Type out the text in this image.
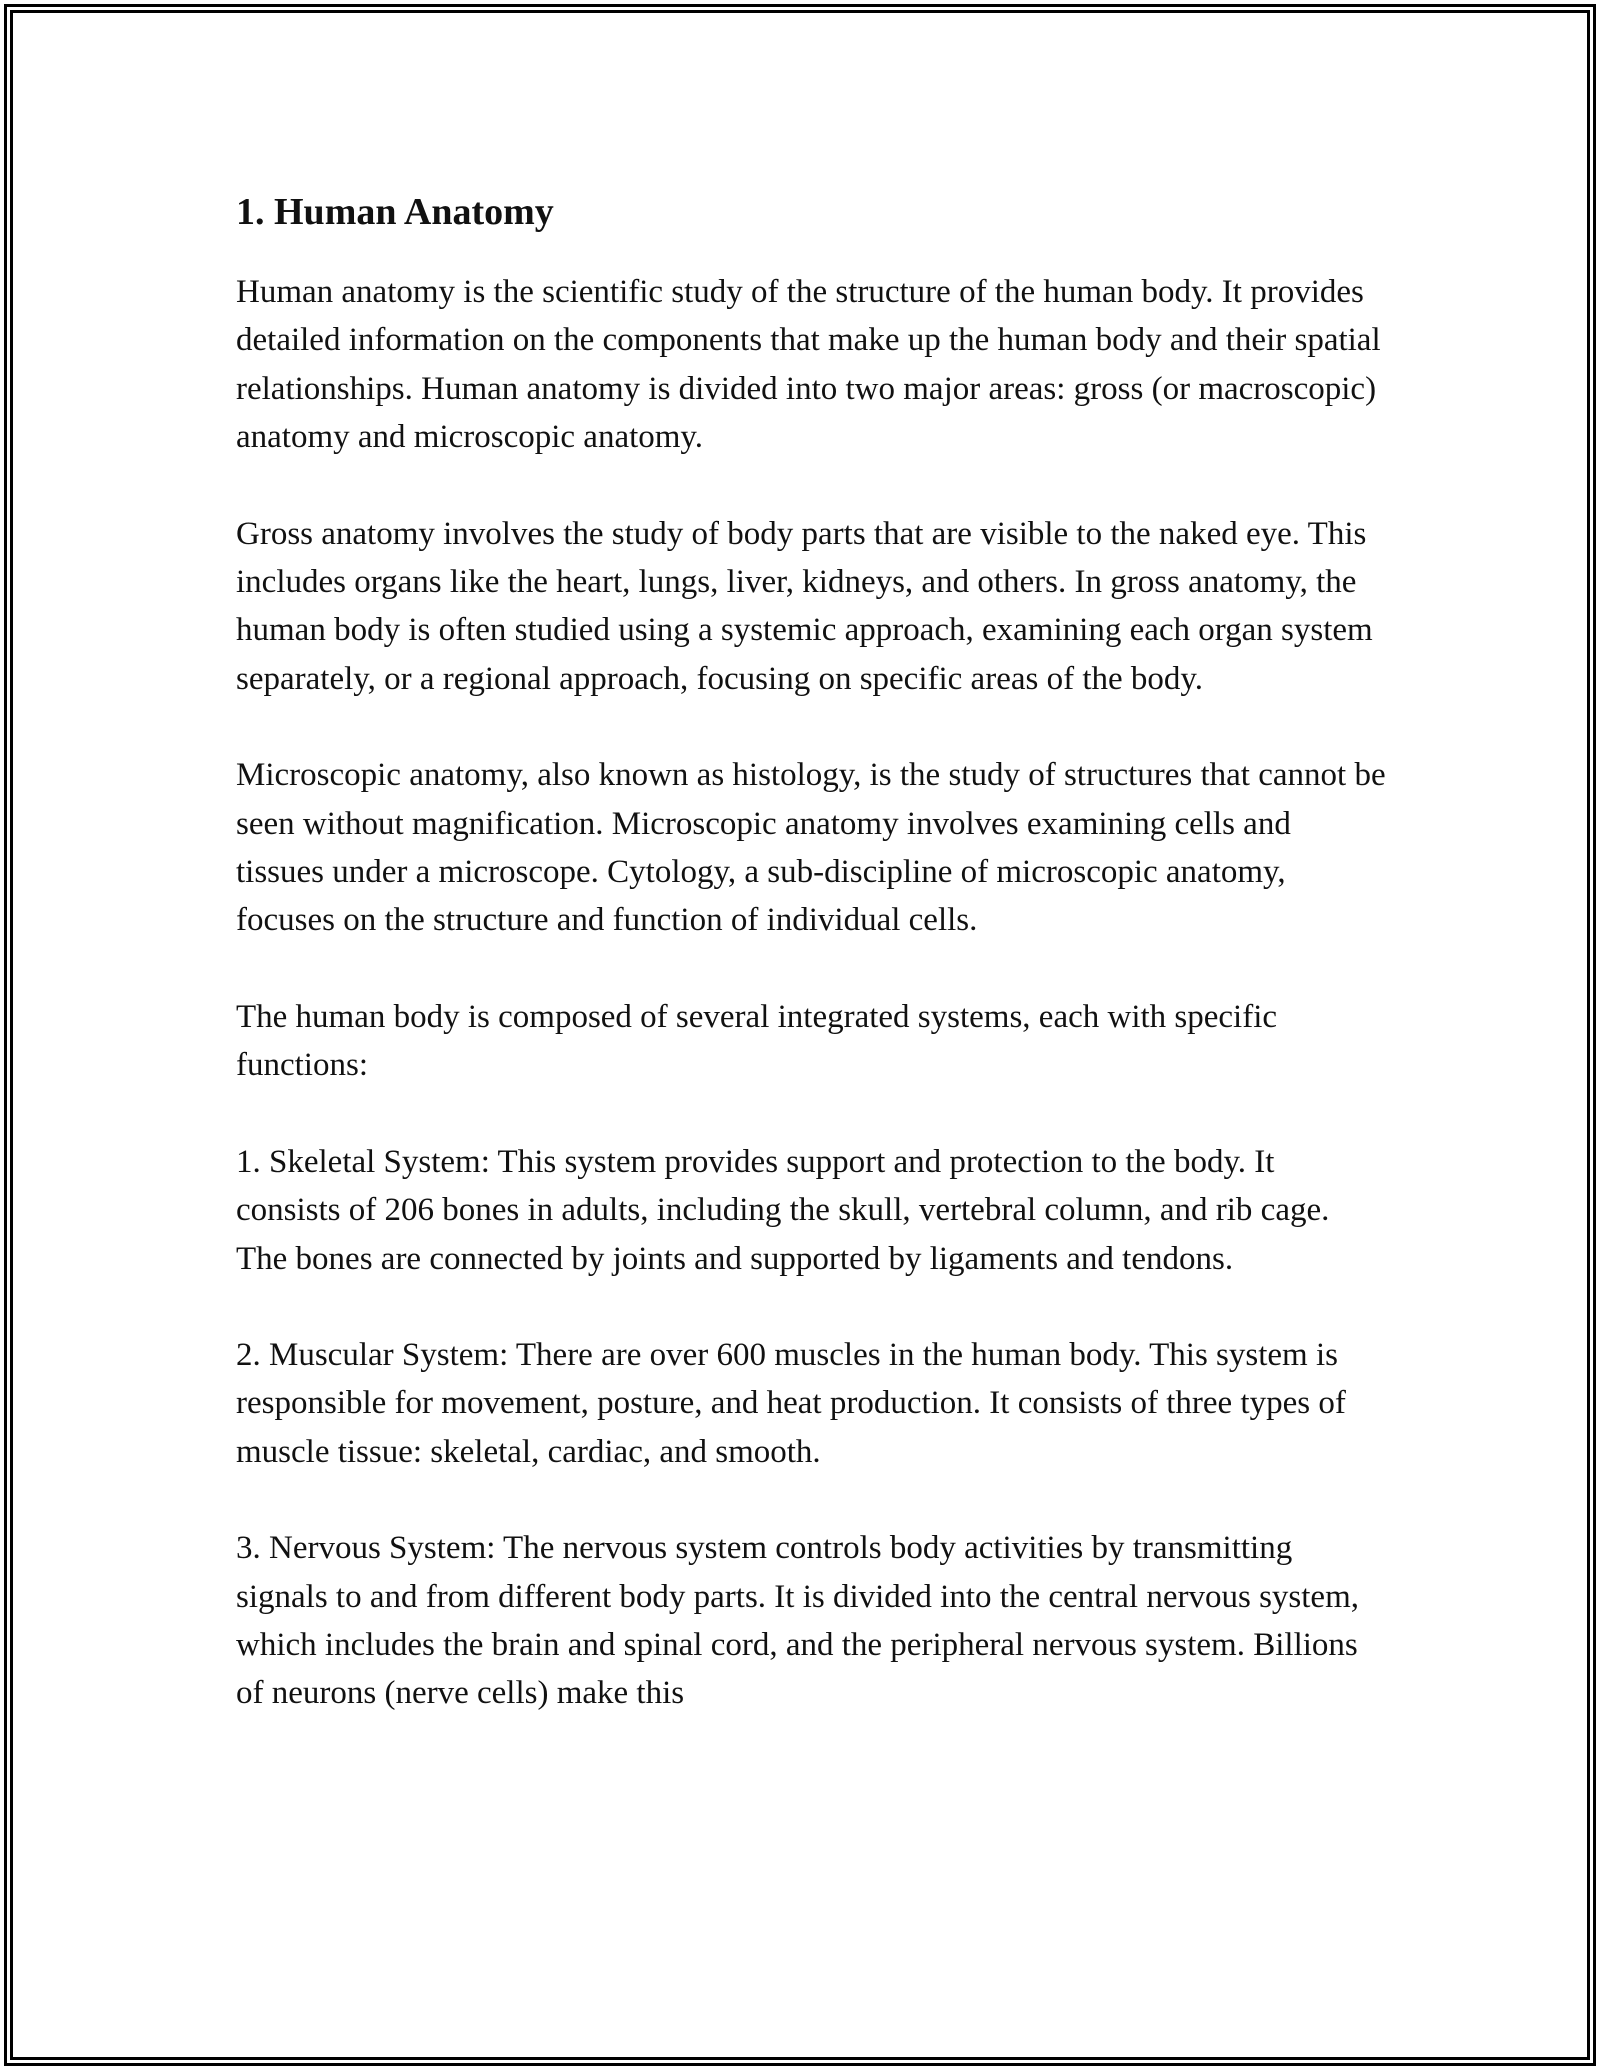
1. Human Anatomy

Human anatomy is the scientific study of the structure of the human body. It provides detailed information on the components that make up the human body and their spatial relationships. Human anatomy is divided into two major areas: gross (or macroscopic) anatomy and microscopic anatomy.

Gross anatomy involves the study of body parts that are visible to the naked eye. This includes organs like the heart, lungs, liver, kidneys, and others. In gross anatomy, the human body is often studied using a systemic approach, examining each organ system separately, or a regional approach, focusing on specific areas of the body.

Microscopic anatomy, also known as histology, is the study of structures that cannot be seen without magnification. Microscopic anatomy involves examining cells and tissues under a microscope. Cytology, a sub-discipline of microscopic anatomy, focuses on the structure and function of individual cells.

The human body is composed of several integrated systems, each with specific functions:

1. Skeletal System: This system provides support and protection to the body. It consists of 206 bones in adults, including the skull, vertebral column, and rib cage. The bones are connected by joints and supported by ligaments and tendons.

2. Muscular System: There are over 600 muscles in the human body. This system is responsible for movement, posture, and heat production. It consists of three types of muscle tissue: skeletal, cardiac, and smooth.

3. Nervous System: The nervous system controls body activities by transmitting signals to and from different body parts. It is divided into the central nervous system, which includes the brain and spinal cord, and the peripheral nervous system. Billions of neurons (nerve cells) make this
